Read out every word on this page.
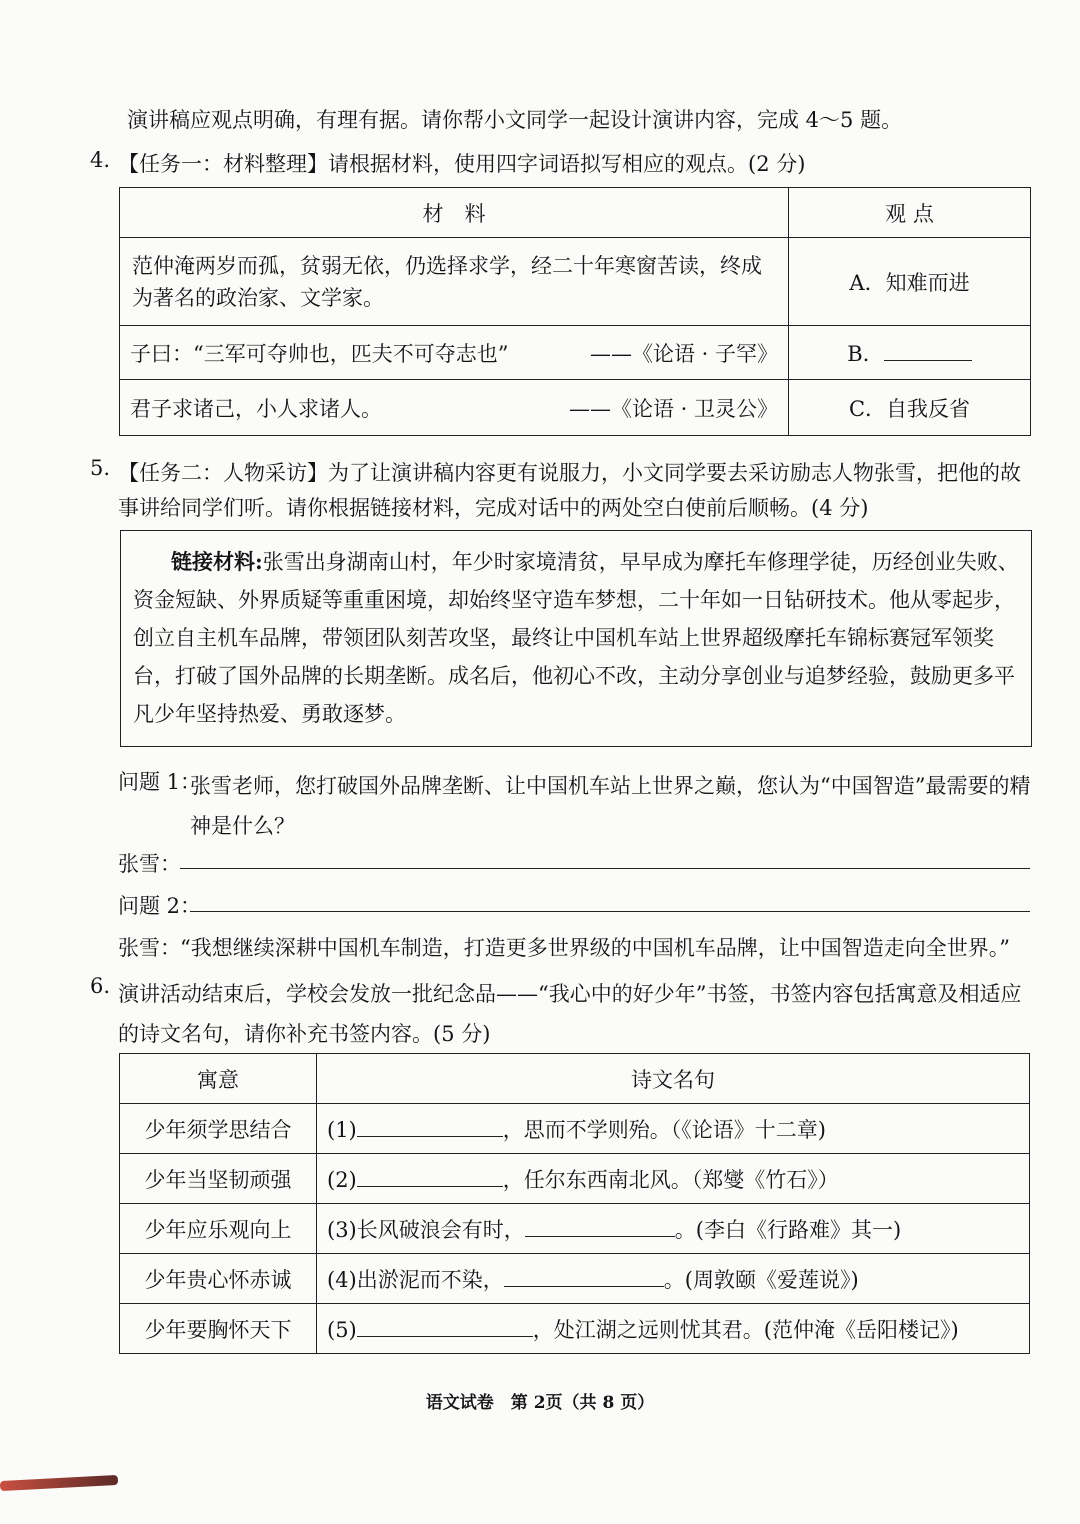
演讲稿应观点明确，有理有据。请你帮小文同学一起设计演讲内容，完成 4～5 题。
4. 【任务一：材料整理】请根据材料，使用四字词语拟写相应的观点。(2 分)
材　料	观 点
范仲淹两岁而孤，贫弱无依，仍选择求学，经二十年寒窗苦读，终成为著名的政治家、文学家。	A．知难而进
子曰：“三军可夺帅也，匹夫不可夺志也” ——《论语 · 子罕》	B．
君子求诸己，小人求诸人。 ——《论语 · 卫灵公》	C．自我反省
5. 【任务二：人物采访】为了让演讲稿内容更有说服力，小文同学要去采访励志人物张雪，把他的故事讲给同学们听。请你根据链接材料，完成对话中的两处空白使前后顺畅。(4 分)
链接材料:张雪出身湖南山村，年少时家境清贫，早早成为摩托车修理学徒，历经创业失败、资金短缺、外界质疑等重重困境，却始终坚守造车梦想，二十年如一日钻研技术。他从零起步，创立自主机车品牌，带领团队刻苦攻坚，最终让中国机车站上世界超级摩托车锦标赛冠军领奖台，打破了国外品牌的长期垄断。成名后，他初心不改，主动分享创业与追梦经验，鼓励更多平凡少年坚持热爱、勇敢逐梦。
问题 1：
张雪老师，您打破国外品牌垄断、让中国机车站上世界之巅，您认为“中国智造”最需要的精神是什么？
张雪：
问题 2：
张雪： “我想继续深耕中国机车制造，打造更多世界级的中国机车品牌，让中国智造走向全世界。”
6. 演讲活动结束后，学校会发放一批纪念品——“我心中的好少年”书签，书签内容包括寓意及相适应的诗文名句，请你补充书签内容。(5 分)
寓意	诗文名句
少年须学思结合	(1) ，思而不学则殆。（《论语》十二章)
少年当坚韧顽强	(2) ，任尔东西南北风。（郑燮《竹石》）
少年应乐观向上	(3)长风破浪会有时， 。(李白《行路难》其一)
少年贵心怀赤诚	(4)出淤泥而不染， 。(周敦颐《爱莲说》)
少年要胸怀天下	(5) ，处江湖之远则忧其君。(范仲淹《岳阳楼记》)
语文试卷　第 2页（共 8 页）
